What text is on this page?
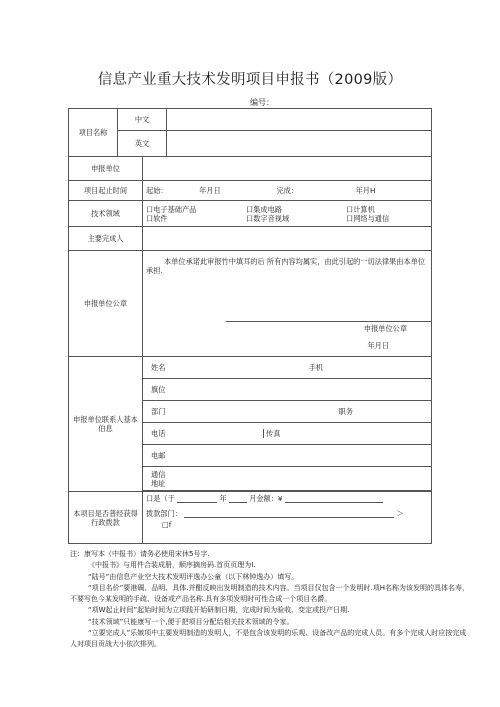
信息产业重大技术发明项目申报书（2009版）
编号：
项目名称	中文		
	英文		
申报单位			
项目起止时间		起始： 年月日 完成： 年月H	
技术领域		口电子基础产品 口集成电路 口计算机
口软件 口数字音视域 口网络与通信	

主要完成人			
申报单位公章		本单位承诺此审报竹中填耳的后 所有内容均属实，由此引起的一切法律果由本单位承担.
申报单位公章
年月日	

申报单位联系人基本伯息		姓名 手机	
		旗位	
		部门 职务	
		电话 传真	
		电邮	

		通信地址	

本项目是否普经获得行政拨款		口是（于 年 月金额：¥
拨款部门： ＞
□f	

注：康写本（中报书）请务必使用宋休5号字.

《中报书》与用件合装成册，顺序摘房码.首页页理为I.

“陆号”由信息产业空大技术发明评逸办公童（以下林钟逸办）填写。

“项目名价”要港碉、品明、具体.并酣反映出发明制造的技术内容。当项目仅包含一个发明时.项H名称为该发明的具体名寿，不要写色今某发明的手疏、设备或产品名称.具有多项发明时可性合成一个项目名爵。

“项W起止时间”起始时间为立项践开始研制日期，完成时间为验收、变定或投产日期.

“技术领域”只能康写一个,便于把项目分配给相关技术领域的令家。

“立要完成人”乐嫉项中主要发明制造的发明人，不是包含该发明的乐观、设备改产品的完成人员。有多个完成人时应按完成人对项目贡战大小依次排列。
